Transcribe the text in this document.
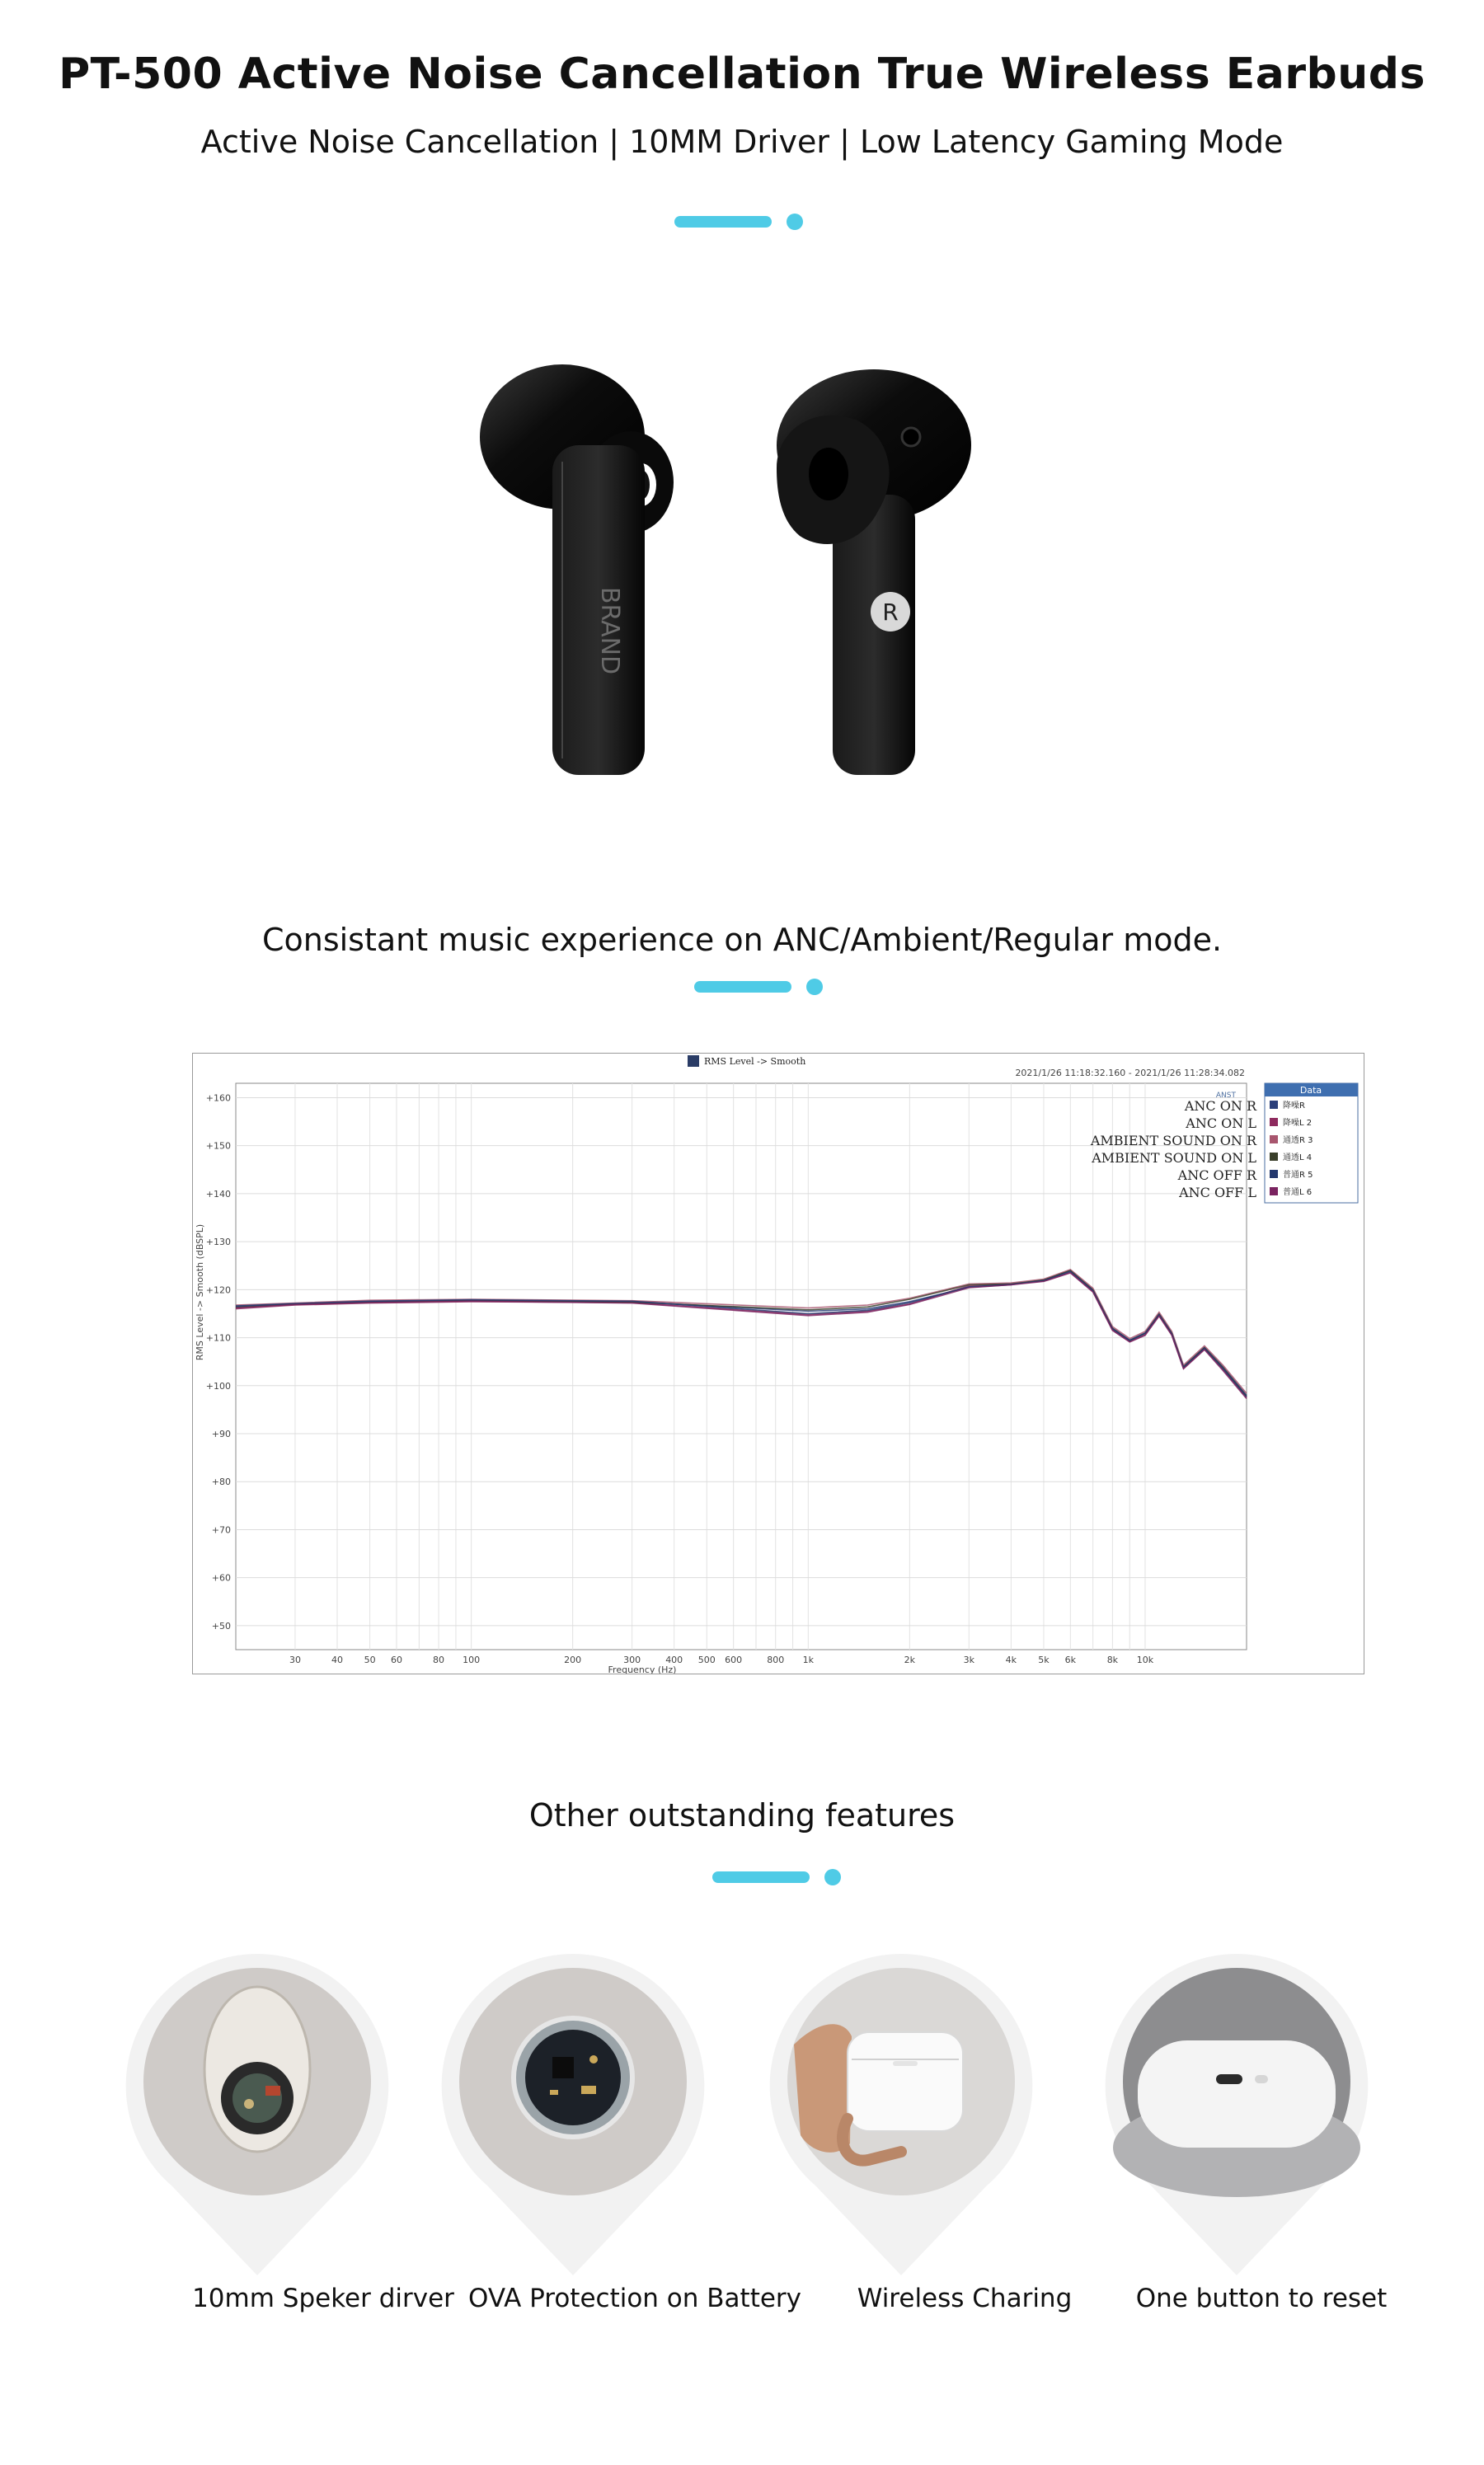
PT-500 Active Noise Cancellation True Wireless Earbuds
Active Noise Cancellation | 10MM Driver | Low Latency Gaming Mode
BRAND	R
Consistant music experience on ANC/Ambient/Regular mode.
+50
+60
+70
+80
+90
+100
+110
+120
+130
+140
+150
+160
30	40 50 60	80 100	200	300	400 500 600	800 1k	2k	3k	4k 5k 6k	8k 10k
Frequency (Hz)
RMS Level -> Smooth (dBSPL)
RMS Level -> Smooth
2021/1/26 11:18:32.160 - 2021/1/26 11:28:34.082
ANST
ANC ON R
ANC ON L
AMBIENT SOUND ON R
AMBIENT SOUND ON L
ANC OFF R
ANC OFF L
Data
降噪R
降噪L 2
通透R 3
通透L 4
普通R 5
普通L 6
Other outstanding features
10mm Speker dirver OVA Protection on Battery	Wireless Charing	One button to reset
